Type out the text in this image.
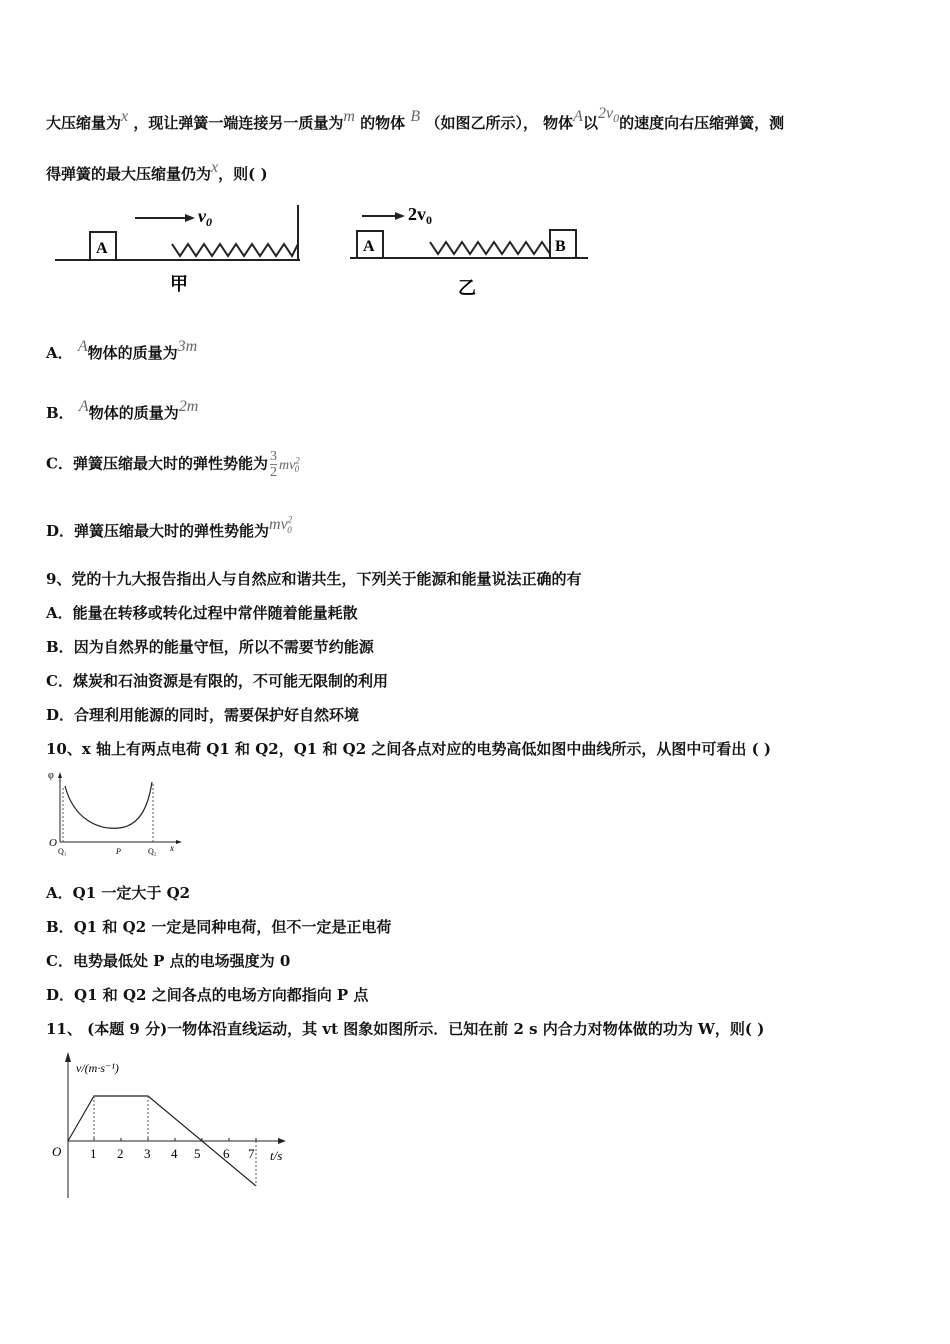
大压缩量为x ，现让弹簧一端连接另一质量为m 的物体 B （如图乙所示）， 物体A以$2v_0$的速度向右压缩弹簧，测
得弹簧的最大压缩量仍为x，则( )
A
$v_0$
甲
A	B
$2v_0$
乙
A． A物体的质量为3m
B． A物体的质量为2m
C．弹簧压缩最大时的弹性势能为 $\frac{3}{2} mv^2_0$
D．弹簧压缩最大时的弹性势能为$mv^2_0$
9、党的十九大报告指出人与自然应和谐共生，下列关于能源和能量说法正确的有
A．能量在转移或转化过程中常伴随着能量耗散
B．因为自然界的能量守恒，所以不需要节约能源
C．煤炭和石油资源是有限的，不可能无限制的利用
D．合理利用能源的同时，需要保护好自然环境
10、x 轴上有两点电荷 Q1 和 Q2，Q1 和 Q2 之间各点对应的电势高低如图中曲线所示，从图中可看出 ( )
φ
O
Q₁	P	Q₂ x
A．Q1 一定大于 Q2
B．Q1 和 Q2 一定是同种电荷，但不一定是正电荷
C．电势最低处 P 点的电场强度为 0
D．Q1 和 Q2 之间各点的电场方向都指向 P 点
11、 (本题 9 分)一物体沿直线运动，其 vt 图象如图所示．已知在前 2 s 内合力对物体做的功为 W，则( )
v/(m·s⁻¹)
O 1 2 3 4 5 6 7 t/s
